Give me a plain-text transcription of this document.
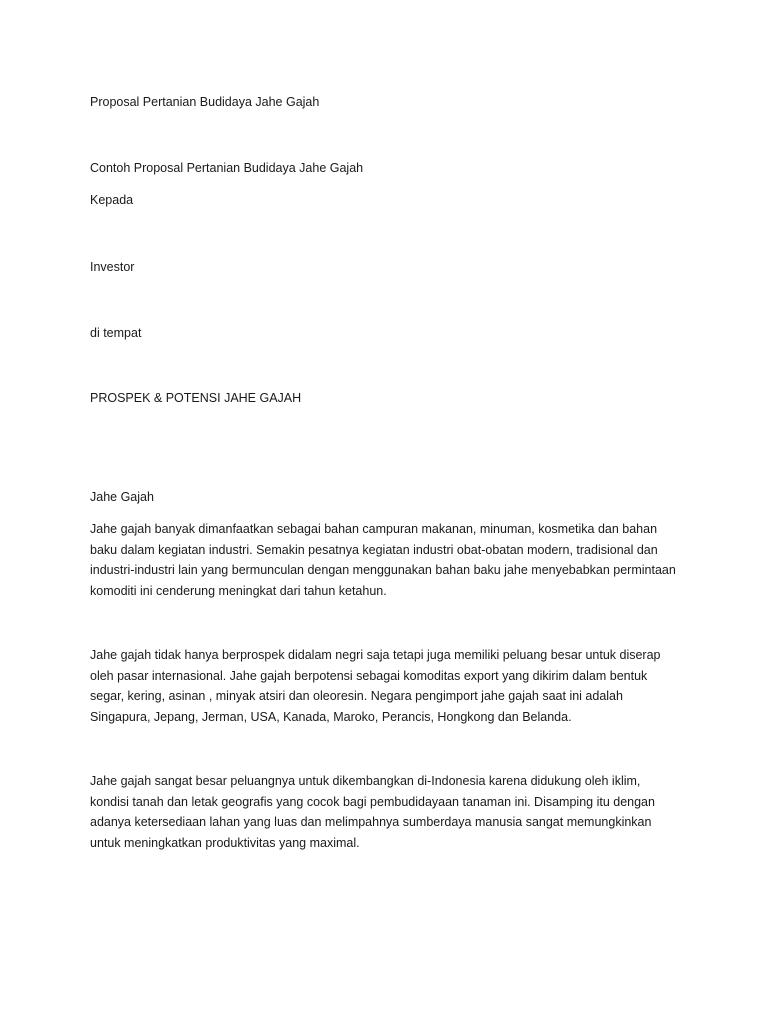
Proposal Pertanian Budidaya Jahe Gajah

Contoh Proposal Pertanian Budidaya Jahe Gajah

Kepada

Investor

di tempat

PROSPEK & POTENSI JAHE GAJAH

Jahe Gajah

Jahe gajah banyak dimanfaatkan sebagai bahan campuran makanan, minuman, kosmetika dan bahan baku dalam kegiatan industri. Semakin pesatnya kegiatan industri obat-obatan modern, tradisional dan industri-industri lain yang bermunculan dengan menggunakan bahan baku jahe menyebabkan permintaan komoditi ini cenderung meningkat dari tahun ketahun.

Jahe gajah tidak hanya berprospek didalam negri saja tetapi juga memiliki peluang besar untuk diserap oleh pasar internasional. Jahe gajah berpotensi sebagai komoditas export yang dikirim dalam bentuk segar, kering, asinan , minyak atsiri dan oleoresin. Negara pengimport jahe gajah saat ini adalah Singapura, Jepang, Jerman, USA, Kanada, Maroko, Perancis, Hongkong dan Belanda.

Jahe gajah sangat besar peluangnya untuk dikembangkan di-Indonesia karena didukung oleh iklim, kondisi tanah dan letak geografis yang cocok bagi pembudidayaan tanaman ini. Disamping itu dengan adanya ketersediaan lahan yang luas dan melimpahnya sumberdaya manusia sangat memungkinkan untuk meningkatkan produktivitas yang maximal.
